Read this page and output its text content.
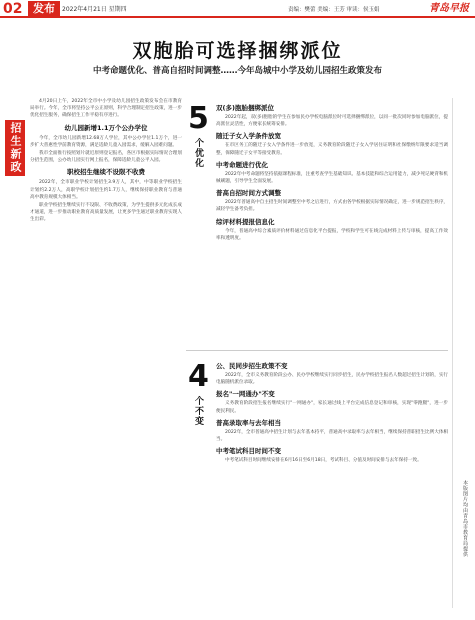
02 发布	2022年4月21日 星期四	责编：樊蕾 美编：王芳 审读：侯玉娟	青岛早报
双胞胎可选择捆绑派位
中考命题优化、普高自招时间调整……今年岛城中小学及幼儿园招生政策发布
招生新政

4月20日上午，2022年全市中小学及幼儿园招生政策发布会在市教育局举行。今年，全市将坚持公平公正原则，科学合理制定招生政策，进一步优化招生服务，确保招生工作平稳有序进行。

幼儿园新增1.1万个公办学位

今年，全市幼儿园新增12.68万人学位，其中公办学位1.1万个，进一步扩大普惠性学前教育资源，满足适龄儿童入园需求，缓解入园难问题。

我市全面推行按照划片就近原则登记报名，各区市根据实际情况合理划分招生范围，公办幼儿园实行网上报名，保障适龄儿童公平入园。

职校招生继续不设限不收费

2022年，全市职业学校计划招生3.9万人，其中，中等职业学校招生计划约2.2万人，高职学校计划招生约1.7万人，继续保持职业教育与普通高中教育规模大体相当。

职业学校招生继续实行不设限、不收费政策，为学生提供多元化成长成才通道，进一步推动职业教育高质量发展，让更多学生通过职业教育实现人生出彩。

5
个优化
双(多)胞胎捆绑派位

2022年起，双(多)胞胎的学生在参加民办学校电脑派位时可选择捆绑派位，以同一批次同时参加电脑派位，提高派位灵活性，方便家长统筹安排。

随迁子女入学条件放宽

在市区务工的随迁子女入学条件进一步放宽，义务教育阶段随迁子女入学居住证明和社保缴纳年限要求适当调整，保障随迁子女平等接受教育。

中考命题进行优化

2022年中考命题将坚持依据课程标准，注重考查学生基础知识、基本技能和综合运用能力，减少死记硬背和机械刷题，引导学生全面发展。

普高自招时间方式调整

2022年普通高中自主招生时间调整至中考之后进行，方式由各学校根据实际情况确定，进一步规范招生秩序，减轻学生备考负担。

综评材料提报信息化

今年，普通高中综合素质评价材料通过信息化平台提报，学校和学生可在线完成材料上传与审核，提高工作效率和透明度。

4
个不变
公、民同步招生政策不变

2022年，全市义务教育阶段公办、民办学校继续实行同步招生，民办学校招生报名人数超过招生计划的，实行电脑随机派位录取。

报名"一网通办"不变

义务教育阶段招生报名继续实行"一网通办"，家长通过线上平台完成信息登记和审核，实现"零跑腿"，进一步便民利民。

普高录取率与去年相当

2022年，全市普通高中招生计划与去年基本持平，普通高中录取率与去年相当，继续保持普职招生比例大体相当。

中考笔试科目时间不变

中考笔试科目时间继续安排在6月16日至6月18日，考试科目、分值及时间安排与去年保持一致。

本版图片均由青岛市教育局提供
